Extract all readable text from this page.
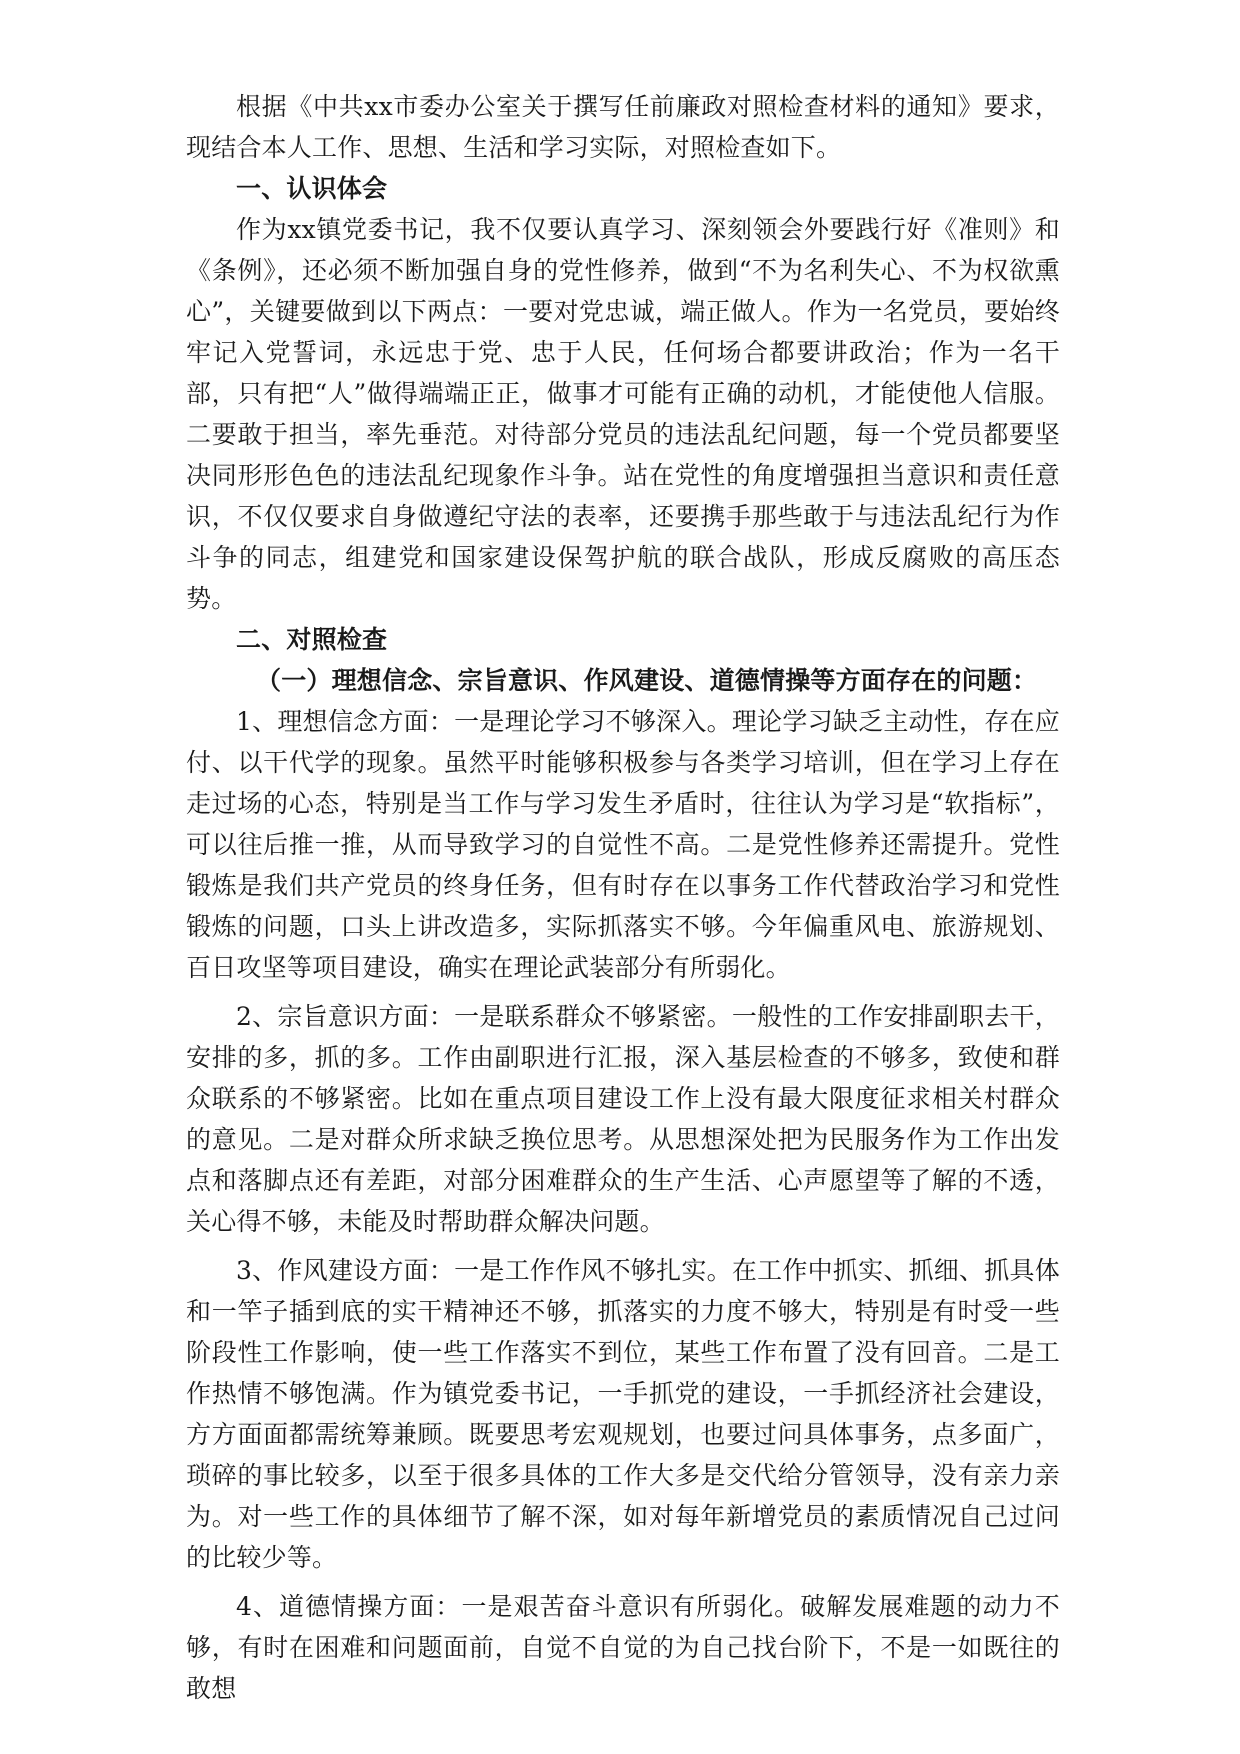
根据《中共xx市委办公室关于撰写任前廉政对照检查材料的通知》要求，现结合本人工作、思想、生活和学习实际，对照检查如下。

一、认识体会

作为xx镇党委书记，我不仅要认真学习、深刻领会外要践行好《准则》和《条例》，还必须不断加强自身的党性修养，做到“不为名利失心、不为权欲熏心”，关键要做到以下两点：一要对党忠诚，端正做人。作为一名党员，要始终牢记入党誓词，永远忠于党、忠于人民，任何场合都要讲政治；作为一名干部，只有把“人”做得端端正正，做事才可能有正确的动机，才能使他人信服。二要敢于担当，率先垂范。对待部分党员的违法乱纪问题，每一个党员都要坚决同形形色色的违法乱纪现象作斗争。站在党性的角度增强担当意识和责任意识，不仅仅要求自身做遵纪守法的表率，还要携手那些敢于与违法乱纪行为作斗争的同志，组建党和国家建设保驾护航的联合战队，形成反腐败的高压态势。

二、对照检查
（一）理想信念、宗旨意识、作风建设、道德情操等方面存在的问题：

1、理想信念方面：一是理论学习不够深入。理论学习缺乏主动性，存在应付、以干代学的现象。虽然平时能够积极参与各类学习培训，但在学习上存在走过场的心态，特别是当工作与学习发生矛盾时，往往认为学习是“软指标”，可以往后推一推，从而导致学习的自觉性不高。二是党性修养还需提升。党性锻炼是我们共产党员的终身任务，但有时存在以事务工作代替政治学习和党性锻炼的问题，口头上讲改造多，实际抓落实不够。今年偏重风电、旅游规划、百日攻坚等项目建设，确实在理论武装部分有所弱化。

2、宗旨意识方面：一是联系群众不够紧密。一般性的工作安排副职去干，安排的多，抓的多。工作由副职进行汇报，深入基层检查的不够多，致使和群众联系的不够紧密。比如在重点项目建设工作上没有最大限度征求相关村群众的意见。二是对群众所求缺乏换位思考。从思想深处把为民服务作为工作出发点和落脚点还有差距，对部分困难群众的生产生活、心声愿望等了解的不透，关心得不够，未能及时帮助群众解决问题。

3、作风建设方面：一是工作作风不够扎实。在工作中抓实、抓细、抓具体和一竿子插到底的实干精神还不够，抓落实的力度不够大，特别是有时受一些阶段性工作影响，使一些工作落实不到位，某些工作布置了没有回音。二是工作热情不够饱满。作为镇党委书记，一手抓党的建设，一手抓经济社会建设，方方面面都需统筹兼顾。既要思考宏观规划，也要过问具体事务，点多面广，琐碎的事比较多，以至于很多具体的工作大多是交代给分管领导，没有亲力亲为。对一些工作的具体细节了解不深，如对每年新增党员的素质情况自己过问的比较少等。

4、道德情操方面：一是艰苦奋斗意识有所弱化。破解发展难题的动力不够，有时在困难和问题面前，自觉不自觉的为自己找台阶下，不是一如既往的敢想
